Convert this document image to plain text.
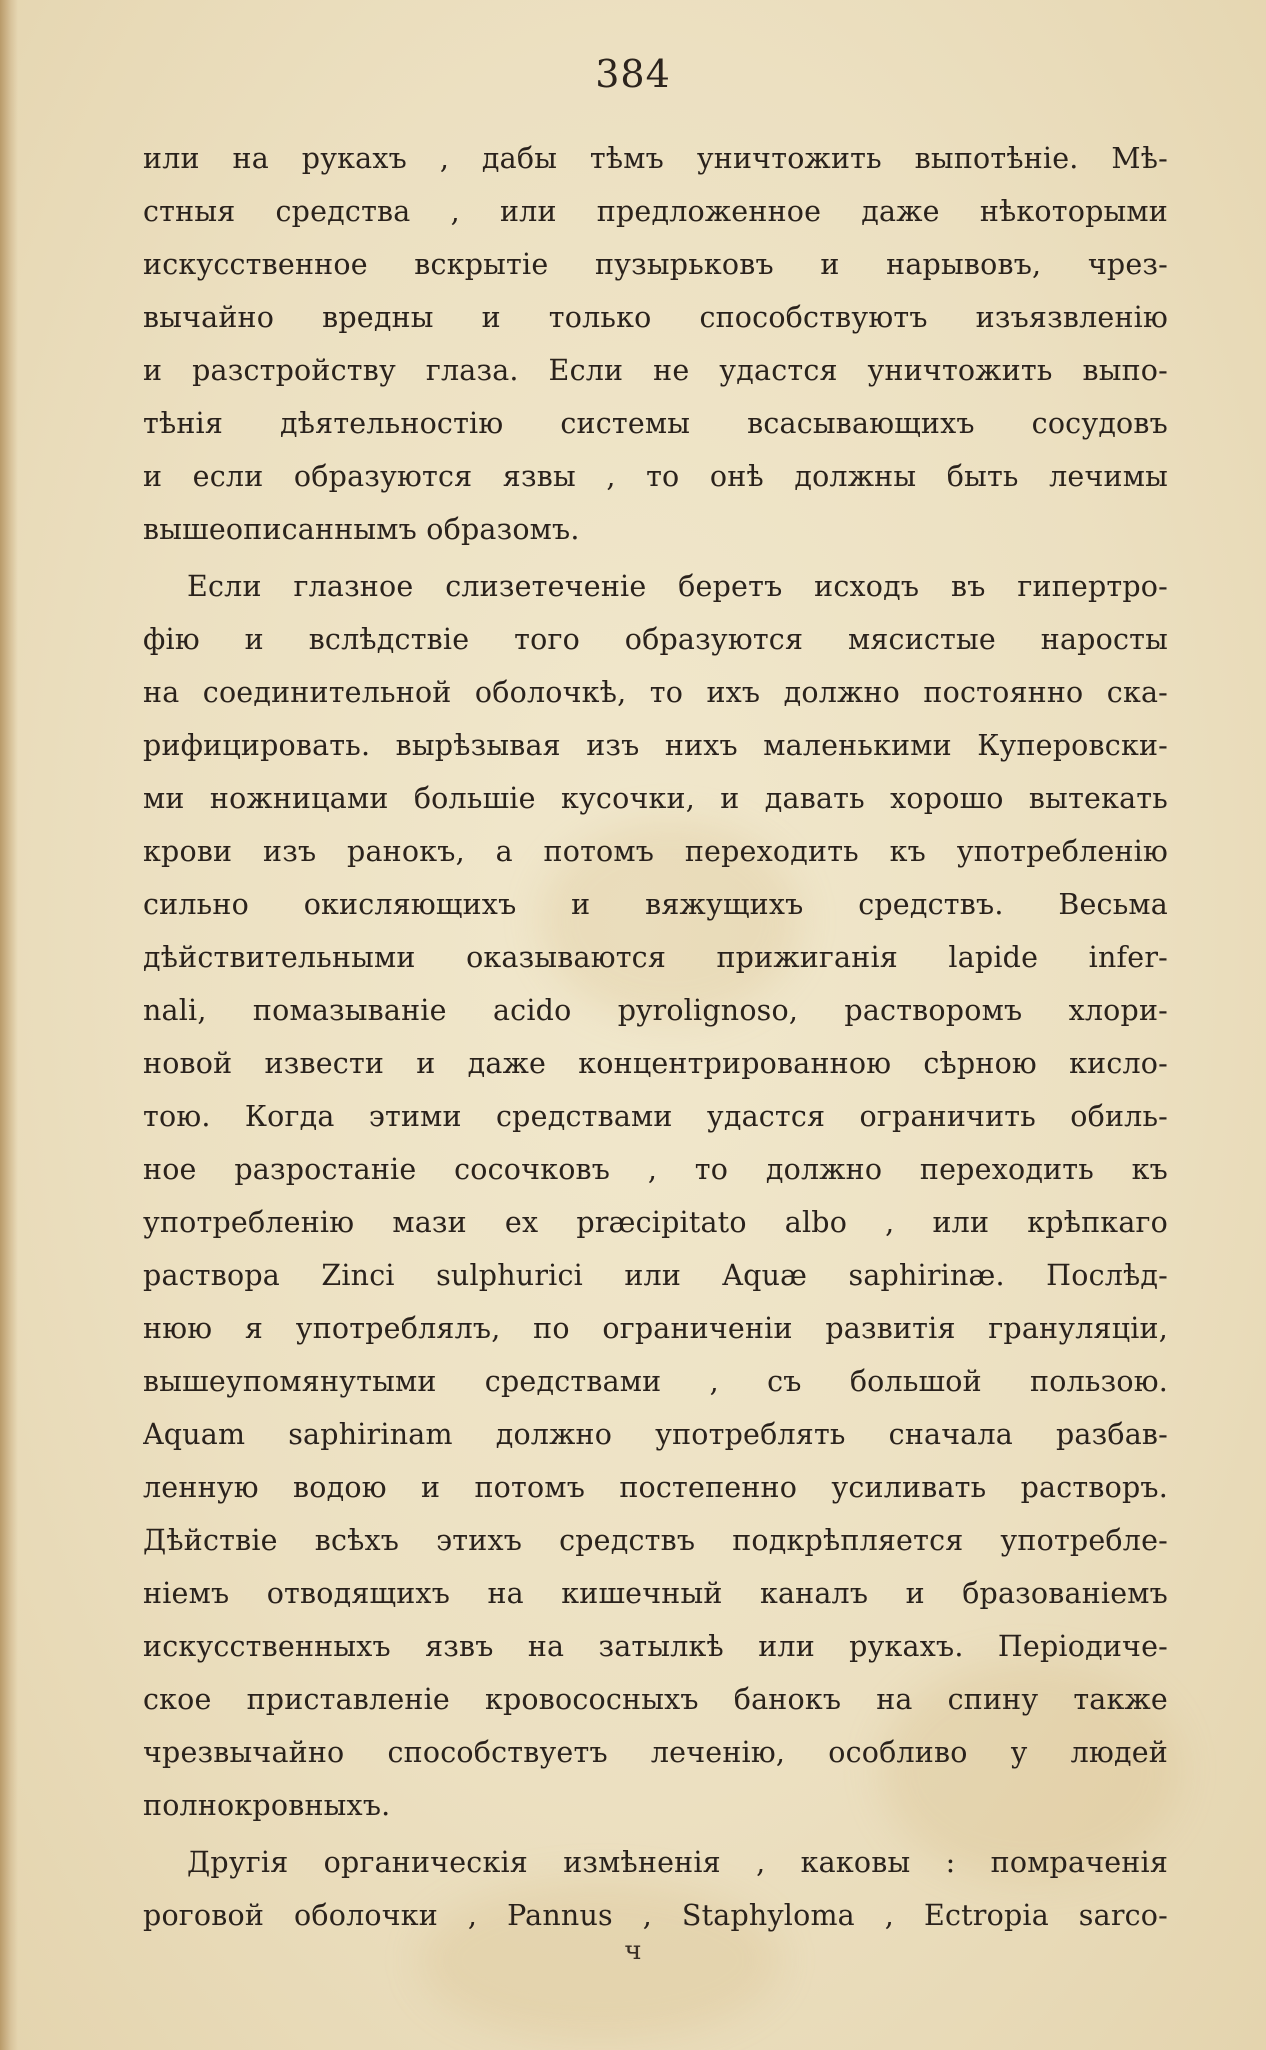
384
или на рукахъ , дабы тѣмъ уничтожить выпотѣніе. Мѣ-
стныя средства , или предложенное даже нѣкоторыми
искусственное вскрытіе пузырьковъ и нарывовъ, чрез-
вычайно вредны и только способствуютъ изъязвленію
и разстройству глаза. Если не удастся уничтожить выпо-
тѣнія дѣятельностію системы всасывающихъ сосудовъ
и если образуются язвы , то онѣ должны быть лечимы
вышеописаннымъ образомъ.
Если глазное слизетеченіе беретъ исходъ въ гипертро-
фію и вслѣдствіе того образуются мясистые наросты
на соединительной оболочкѣ, то ихъ должно постоянно ска-
рифицировать. вырѣзывая изъ нихъ маленькими Куперовски-
ми ножницами большіе кусочки, и давать хорошо вытекать
крови изъ ранокъ, а потомъ переходить къ употребленію
сильно окисляющихъ и вяжущихъ средствъ. Весьма
дѣйствительными оказываются прижиганія lapide infer-
nali, помазываніе acido pyrolignoso, растворомъ хлори-
новой извести и даже концентрированною сѣрною кисло-
тою. Когда этими средствами удастся ограничить обиль-
ное разростаніе сосочковъ , то должно переходить къ
употребленію мази ex præcipitato albo , или крѣпкаго
раствора Zinci sulphurici или Aquæ saphirinæ. Послѣд-
нюю я употреблялъ, по ограниченіи развитія грануляціи,
вышеупомянутыми средствами , съ большой пользою.
Aquam saphirinam должно употреблять сначала разбав-
ленную водою и потомъ постепенно усиливать растворъ.
Дѣйствіе всѣхъ этихъ средствъ подкрѣпляется употребле-
ніемъ отводящихъ на кишечный каналъ и бразованіемъ
искусственныхъ язвъ на затылкѣ или рукахъ. Періодиче-
ское приставленіе кровососныхъ банокъ на спину также
чрезвычайно способствуетъ леченію, особливо у людей
полнокровныхъ.
Другія органическія измѣненія , каковы : помраченія
роговой оболочки , Pannus , Staphyloma , Ectropia sarco-
ч
